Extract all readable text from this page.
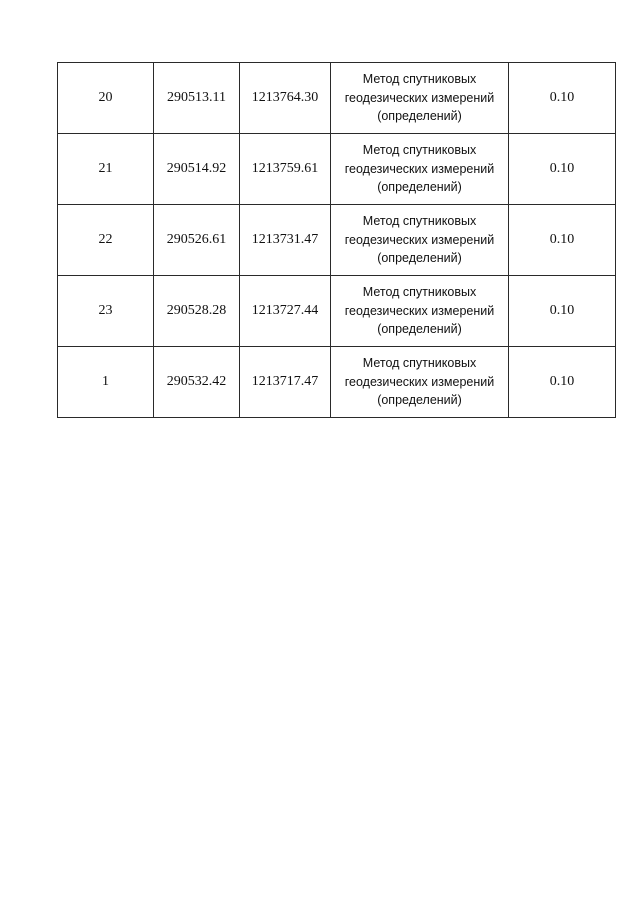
20	290513.11	1213764.30	Метод спутниковых
геодезических измерений
(определений)	0.10
21	290514.92	1213759.61	Метод спутниковых
геодезических измерений
(определений)	0.10
22	290526.61	1213731.47	Метод спутниковых
геодезических измерений
(определений)	0.10
23	290528.28	1213727.44	Метод спутниковых
геодезических измерений
(определений)	0.10
1	290532.42	1213717.47	Метод спутниковых
геодезических измерений
(определений)	0.10
